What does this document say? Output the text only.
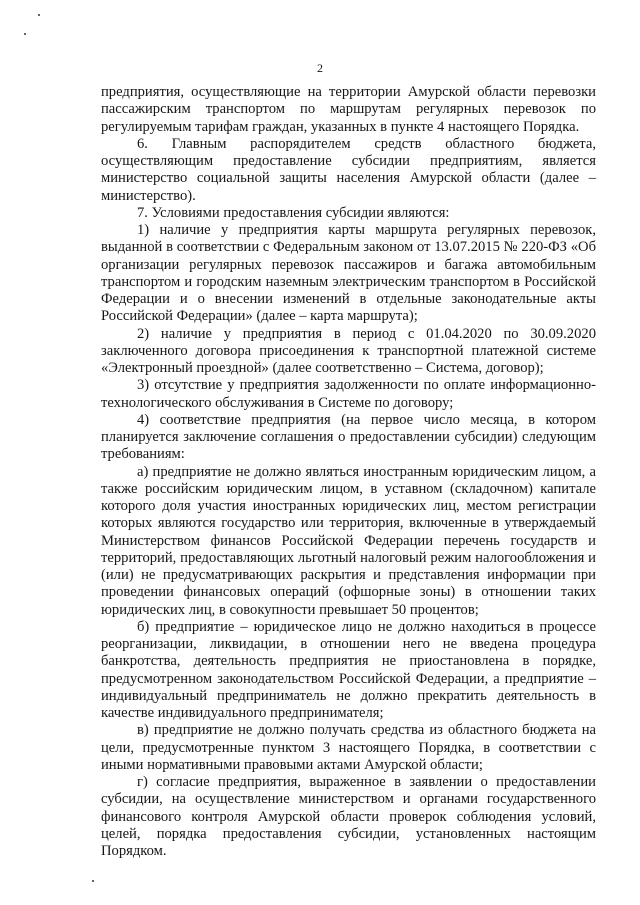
2

предприятия, осуществляющие на территории Амурской области перевозки пассажирским транспортом по маршрутам регулярных перевозок по регулируемым тарифам граждан, указанных в пункте 4 настоящего Порядка.

6. Главным распорядителем средств областного бюджета, осуществляющим предоставление субсидии предприятиям, является министерство социальной защиты населения Амурской области (далее – министерство).

7. Условиями предоставления субсидии являются:

1) наличие у предприятия карты маршрута регулярных перевозок, выданной в соответствии с Федеральным законом от 13.07.2015 № 220-ФЗ «Об организации регулярных перевозок пассажиров и багажа автомобильным транспортом и городским наземным электрическим транспортом в Российской Федерации и о внесении изменений в отдельные законодательные акты Российской Федерации» (далее – карта маршрута);

2) наличие у предприятия в период с 01.04.2020 по 30.09.2020 заключенного договора присоединения к транспортной платежной системе «Электронный проездной» (далее соответственно – Система, договор);

3) отсутствие у предприятия задолженности по оплате информационно-технологического обслуживания в Системе по договору;

4) соответствие предприятия (на первое число месяца, в котором планируется заключение соглашения о предоставлении субсидии) следующим требованиям:

а) предприятие не должно являться иностранным юридическим лицом, а также российским юридическим лицом, в уставном (складочном) капитале которого доля участия иностранных юридических лиц, местом регистрации которых являются государство или территория, включенные в утверждаемый Министерством финансов Российской Федерации перечень государств и территорий, предоставляющих льготный налоговый режим налогообложения и (или) не предусматривающих раскрытия и представления информации при проведении финансовых операций (офшорные зоны) в отношении таких юридических лиц, в совокупности превышает 50 процентов;

б) предприятие – юридическое лицо не должно находиться в процессе реорганизации, ликвидации, в отношении него не введена процедура банкротства, деятельность предприятия не приостановлена в порядке, предусмотренном законодательством Российской Федерации, а предприятие – индивидуальный предприниматель не должно прекратить деятельность в качестве индивидуального предпринимателя;

в) предприятие не должно получать средства из областного бюджета на цели, предусмотренные пунктом 3 настоящего Порядка, в соответствии с иными нормативными правовыми актами Амурской области;

г) согласие предприятия, выраженное в заявлении о предоставлении субсидии, на осуществление министерством и органами государственного финансового контроля Амурской области проверок соблюдения условий, целей, порядка предоставления субсидии, установленных настоящим Порядком.
